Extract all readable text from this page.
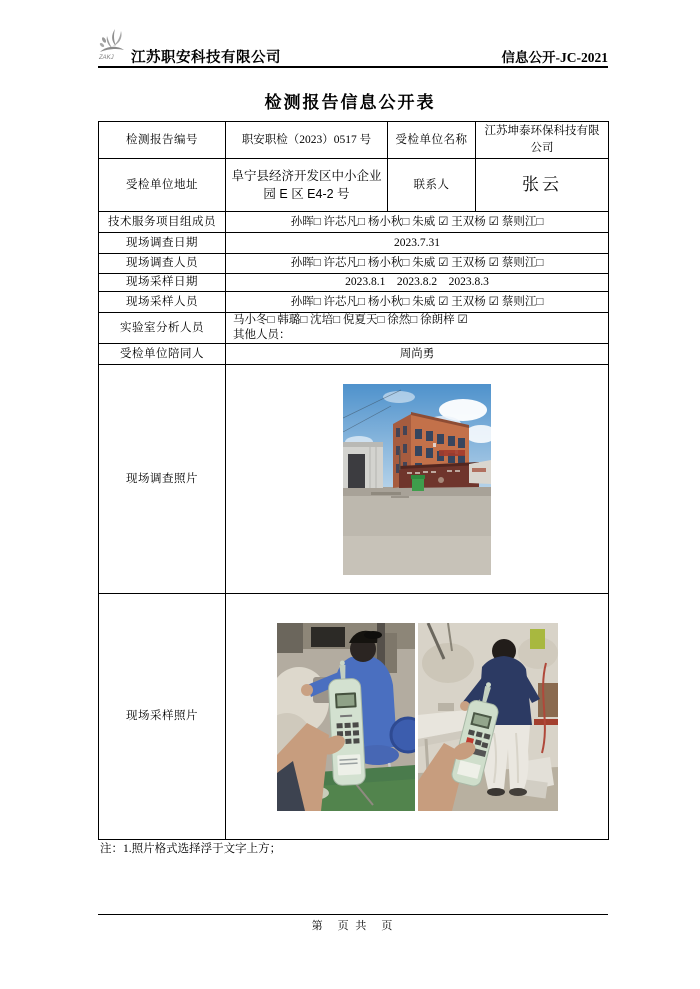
ZAKJ 江苏职安科技有限公司	信息公开-JC-2021
检测报告信息公开表
检测报告编号	职安职检（2023）0517 号	受检单位名称	江苏坤泰环保科技有限公司
受检单位地址	阜宁县经济开发区中小企业园 E 区 E4-2 号	联系人	张云
技术服务项目组成员	孙晖□ 许芯凡□ 杨小秋□ 朱威 ☑ 王双杨 ☑ 蔡则江□		
现场调查日期	2023.7.31		
现场调查人员	孙晖□ 许芯凡□ 杨小秋□ 朱威 ☑ 王双杨 ☑ 蔡则江□		
现场采样日期	2023.8.1　2023.8.2　2023.8.3		
现场采样人员	孙晖□ 许芯凡□ 杨小秋□ 朱威 ☑ 王双杨 ☑ 蔡则江□		
实验室分析人员	马小冬□ 韩璐□ 沈培□ 倪夏天□ 徐然□ 徐朗梓 ☑
其他人员：		

受检单位陪同人	周尚勇		
现场调查照片	

现场采样照片	
注：1.照片格式选择浮于文字上方；
第　页 共　页
